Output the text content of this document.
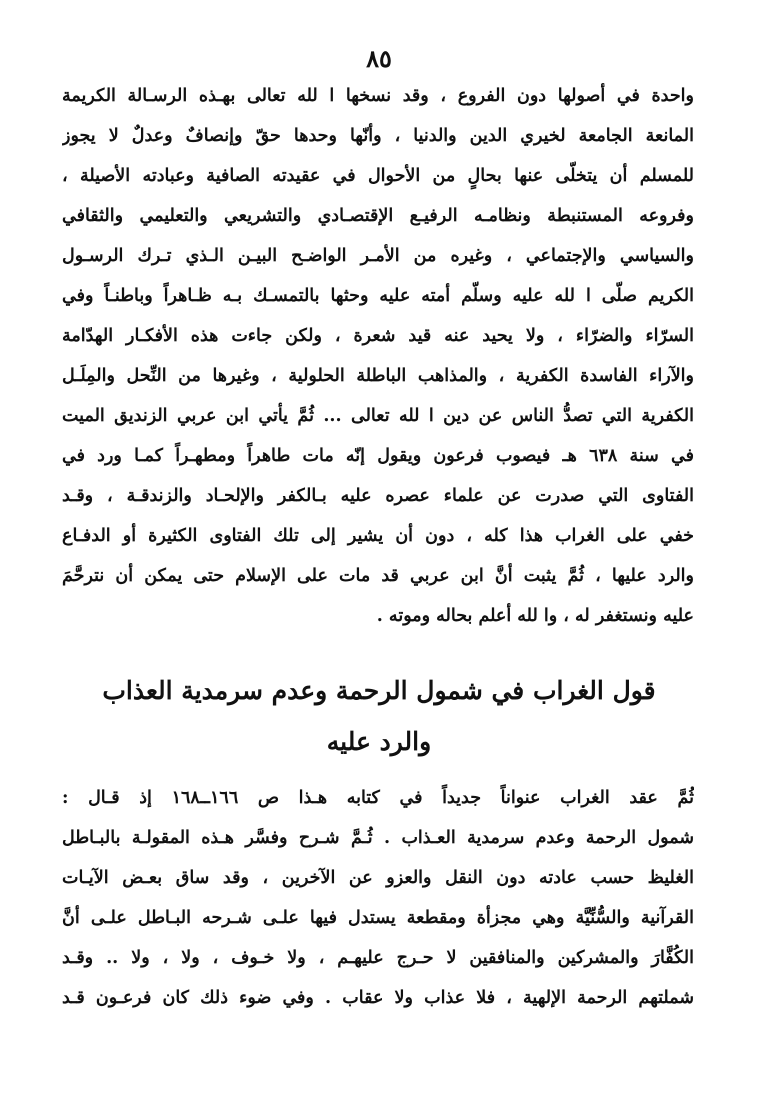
٨٥
واحدة في أصولها دون الفروع ، وقد نسخها ا لله تعالى بهـذه الرسـالة الكريمة
المانعة الجامعة لخيري الدين والدنيا ، وأنّها وحدها حقّ وإنصافٌ وعدلٌ لا يجوز
للمسلم أن يتخلّى عنها بحالٍ من الأحوال في عقيدته الصافية وعبادته الأصيلة ،
وفروعه المستنبطة ونظامـه الرفيـع الإقتصـادي والتشريعي والتعليمي والثقافي
والسياسي والإجتماعي ، وغيره من الأمـر الواضـح البيـن الـذي تـرك الرسـول
الكريم صلّى ا لله عليه وسلّم أمته عليه وحثها بالتمسـك بـه ظـاهراً وباطنـاً وفي
السرّاء والضرّاء ، ولا يحيد عنه قيد شعرة ، ولكن جاءت هذه الأفكـار الهدّامة
والآراء الفاسدة الكفرية ، والمذاهب الباطلة الحلولية ، وغيرها من النِّحل والمِلَـل
الكفرية التي تصدُّ الناس عن دين ا لله تعالى ... ثُمَّ يأتي ابن عربي الزنديق الميت
في سنة ٦٣٨ هـ فيصوب فرعون ويقول إنّه مات طاهراً ومطهـراً كمـا ورد في
الفتاوى التي صدرت عن علماء عصره عليه بـالكفر والإلحـاد والزندقـة ، وقـد
خفي على الغراب هذا كله ، دون أن يشير إلى تلك الفتاوى الكثيرة أو الدفـاع
والرد عليها ، ثُمَّ يثبت أنَّ ابن عربي قد مات على الإسلام حتى يمكن أن نترحَّمَ
عليه ونستغفر له ، وا لله أعلم بحاله وموته .
قول الغراب في شمول الرحمة وعدم سرمدية العذاب
والرد عليه
ثُمَّ عقد الغراب عنواناً جديداً في كتابه هـذا ص ١٦٦ــ١٦٨ إذ قـال :
شمول الرحمة وعدم سرمدية العـذاب . ثُـمَّ شـرح وفسَّر هـذه المقولـة بالبـاطل
الغليظ حسب عادته دون النقل والعزو عن الآخرين ، وقد ساق بعـض الآيـات
القرآنية والسُّنِّيَّة وهي مجزأة ومقطعة يستدل فيها علـى شـرحه البـاطل علـى أنَّ
الكُفَّارَ والمشركين والمنافقين لا حـرج عليهـم ، ولا خـوف ، ولا ، ولا .. وقـد
شملتهم الرحمة الإلهية ، فلا عذاب ولا عقاب . وفي ضوء ذلك كان فرعـون قـد
